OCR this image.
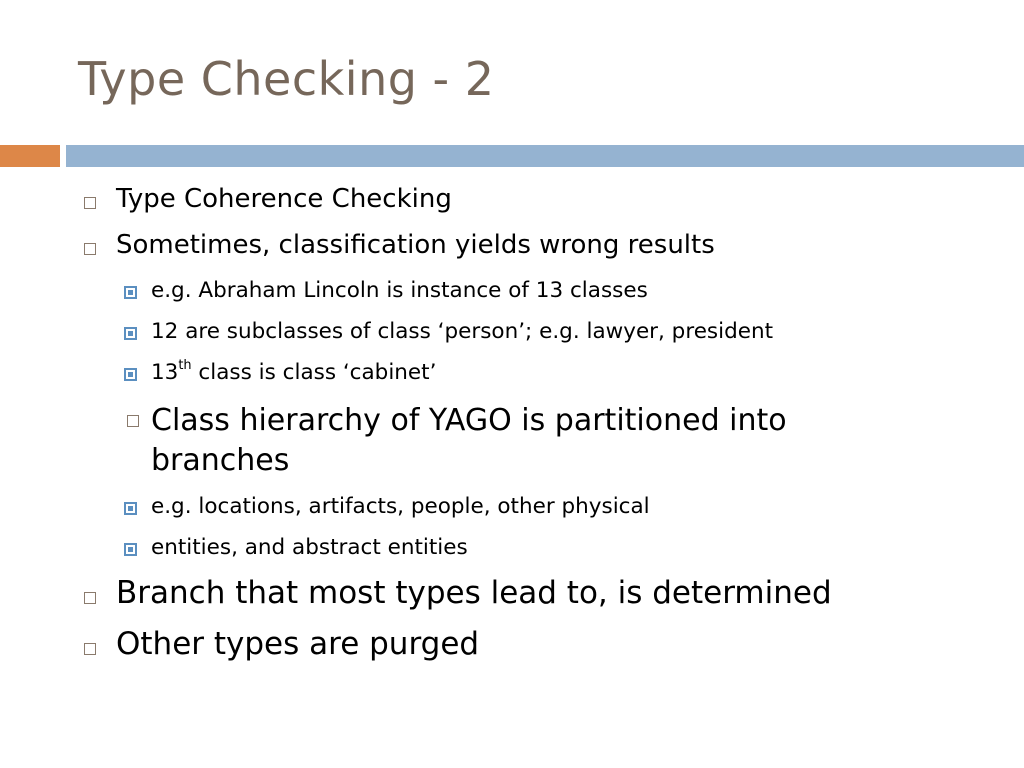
Type Checking - 2
Type Coherence Checking
Sometimes, classification yields wrong results
e.g. Abraham Lincoln is instance of 13 classes
12 are subclasses of class ‘person’; e.g. lawyer, president
13th class is class ‘cabinet’
Class hierarchy of YAGO is partitioned into
branches
e.g. locations, artifacts, people, other physical
entities, and abstract entities
Branch that most types lead to, is determined
Other types are purged
